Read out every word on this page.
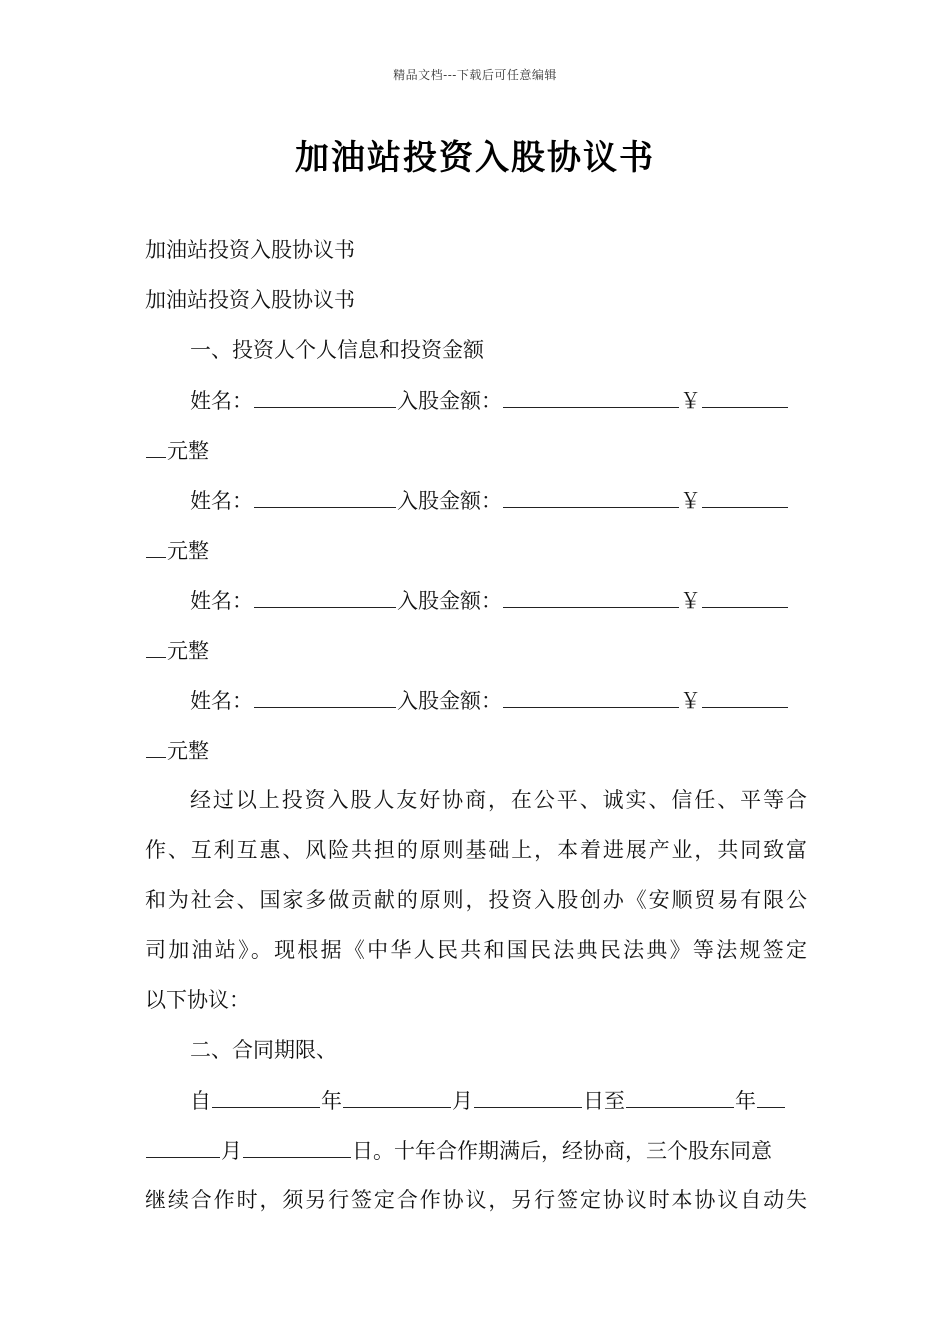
精品文档---下载后可任意编辑
加油站投资入股协议书
加油站投资入股协议书
加油站投资入股协议书
一、投资人个人信息和投资金额
姓名：	入股金额：	￥
元整
姓名：	入股金额：	￥
元整
姓名：	入股金额：	￥
元整
姓名：	入股金额：	￥
元整
经过以上投资入股人友好协商，在公平、诚实、信任、平等合
作、互利互惠、风险共担的原则基础上，本着进展产业，共同致富
和为社会、国家多做贡献的原则，投资入股创办《安顺贸易有限公
司加油站》。现根据《中华人民共和国民法典民法典》等法规签定
以下协议：
二、合同期限、
自	年	月	日至	年
月	日。十年合作期满后，经协商，三个股东同意
继续合作时，须另行签定合作协议，另行签定协议时本协议自动失
